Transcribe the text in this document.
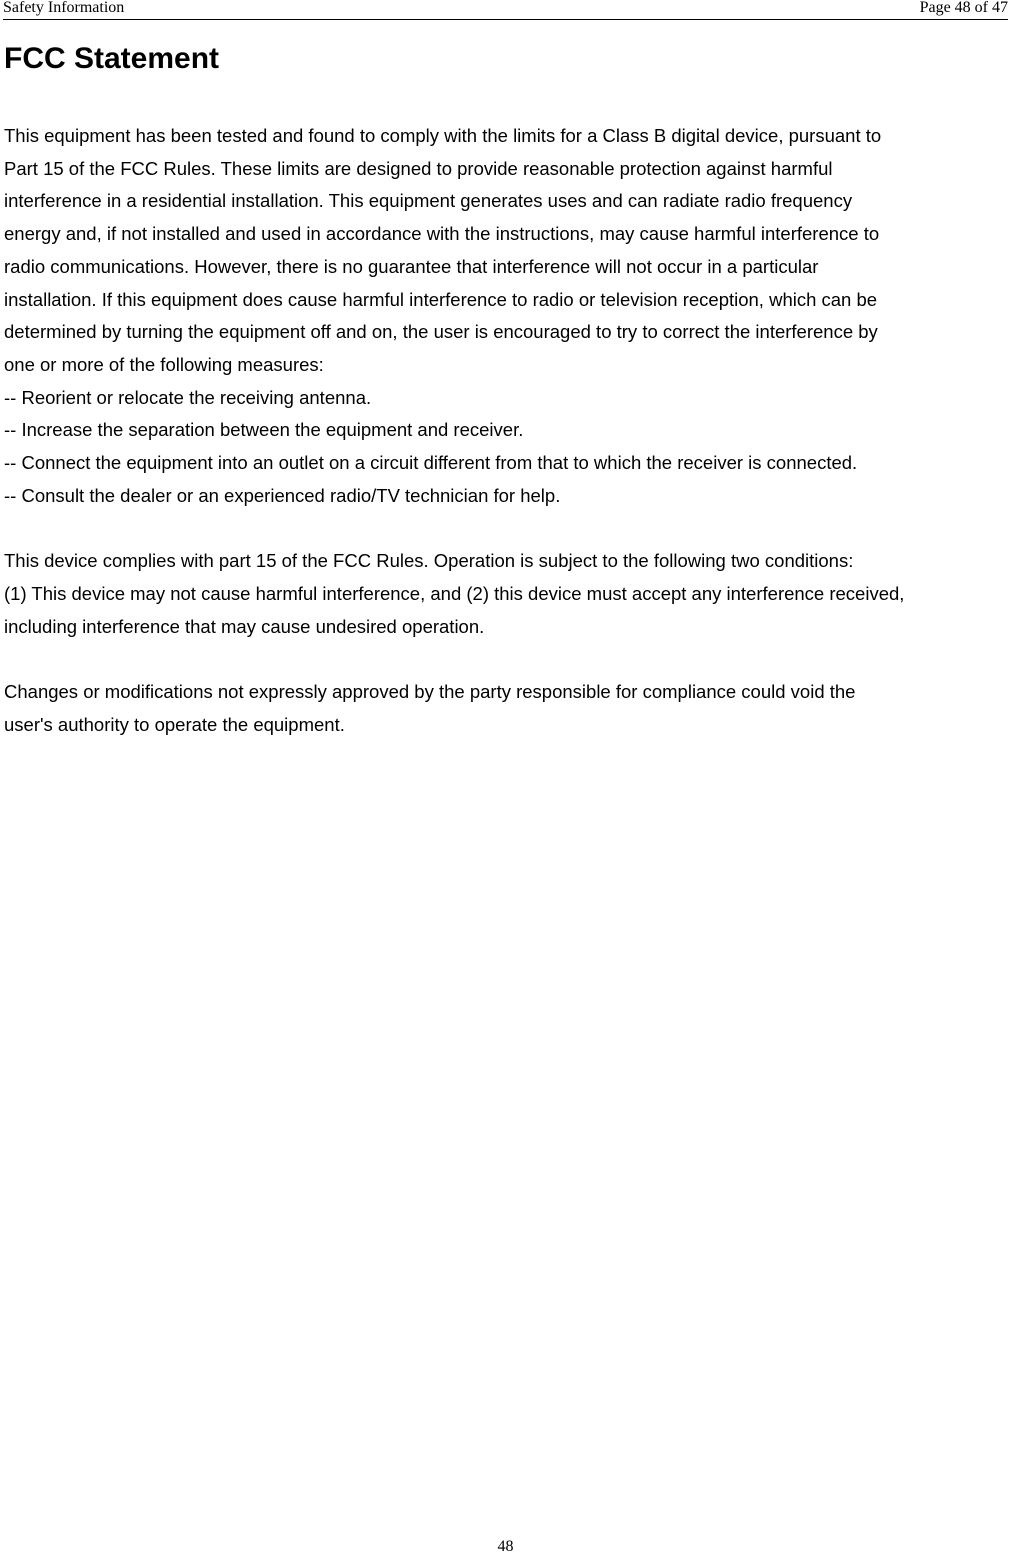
Safety Information	Page 48 of 47
FCC Statement
This equipment has been tested and found to comply with the limits for a Class B digital device, pursuant to
Part 15 of the FCC Rules. These limits are designed to provide reasonable protection against harmful
interference in a residential installation. This equipment generates uses and can radiate radio frequency
energy and, if not installed and used in accordance with the instructions, may cause harmful interference to
radio communications. However, there is no guarantee that interference will not occur in a particular
installation. If this equipment does cause harmful interference to radio or television reception, which can be
determined by turning the equipment off and on, the user is encouraged to try to correct the interference by
one or more of the following measures:
-- Reorient or relocate the receiving antenna.
-- Increase the separation between the equipment and receiver.
-- Connect the equipment into an outlet on a circuit different from that to which the receiver is connected.
-- Consult the dealer or an experienced radio/TV technician for help.
This device complies with part 15 of the FCC Rules. Operation is subject to the following two conditions:
(1) This device may not cause harmful interference, and (2) this device must accept any interference received,
including interference that may cause undesired operation.
Changes or modifications not expressly approved by the party responsible for compliance could void the
user's authority to operate the equipment.
48
